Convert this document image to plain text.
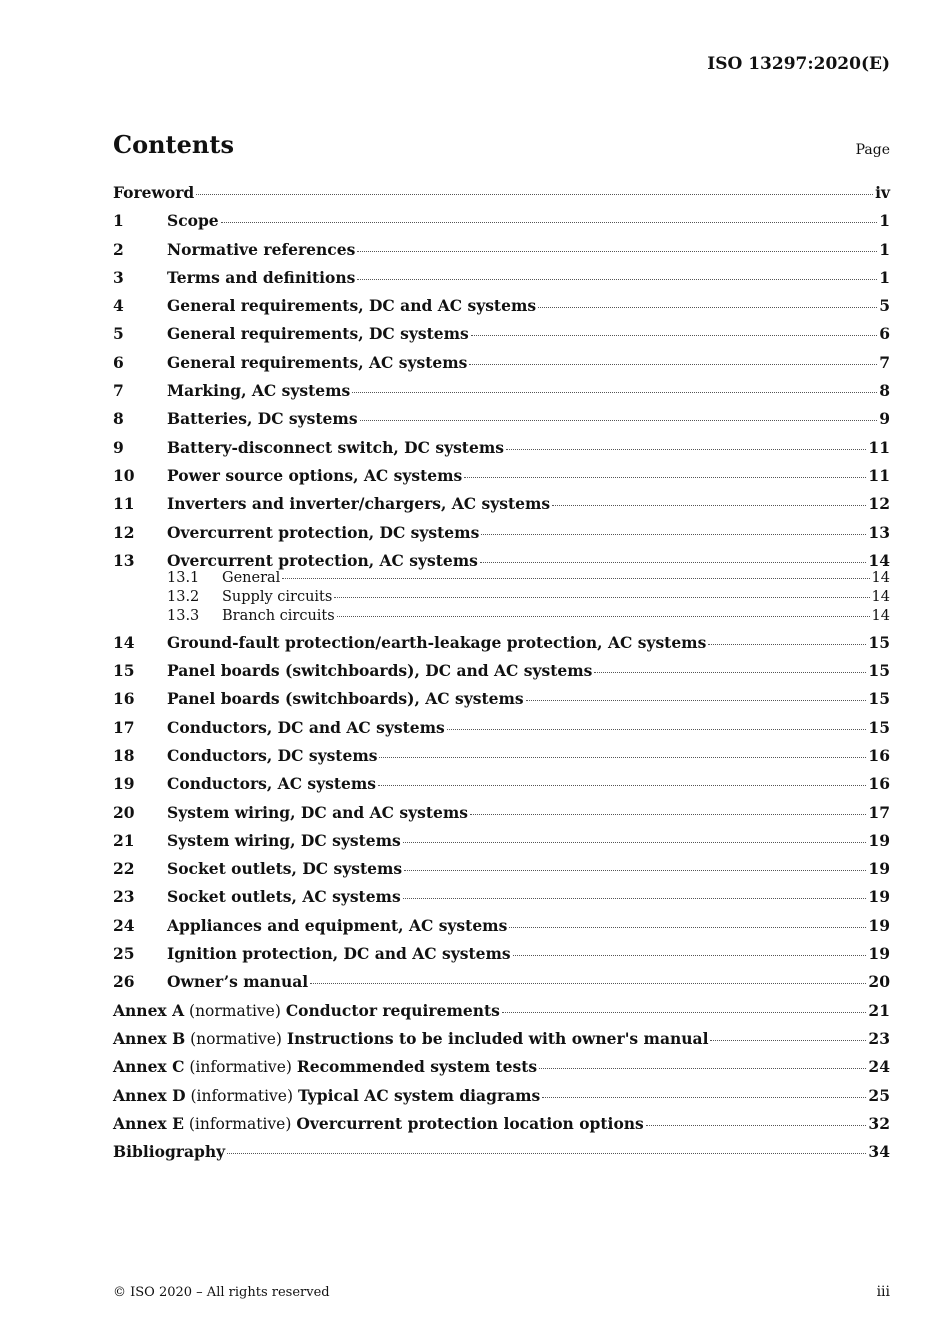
ISO 13297:2020(E)
Contents	Page
Foreword	iv
1	Scope	1
2	Normative references	1
3	Terms and definitions	1
4	General requirements, DC and AC systems	5
5	General requirements, DC systems	6
6	General requirements, AC systems	7
7	Marking, AC systems	8
8	Batteries, DC systems	9
9	Battery-disconnect switch, DC systems	11
10	Power source options, AC systems	11
11	Inverters and inverter/chargers, AC systems	12
12	Overcurrent protection, DC systems	13
13	Overcurrent protection, AC systems	14
13.1	General	14
13.2	Supply circuits	14
13.3	Branch circuits	14
14	Ground-fault protection/earth-leakage protection, AC systems	15
15	Panel boards (switchboards), DC and AC systems	15
16	Panel boards (switchboards), AC systems	15
17	Conductors, DC and AC systems	15
18	Conductors, DC systems	16
19	Conductors, AC systems	16
20	System wiring, DC and AC systems	17
21	System wiring, DC systems	19
22	Socket outlets, DC systems	19
23	Socket outlets, AC systems	19
24	Appliances and equipment, AC systems	19
25	Ignition protection, DC and AC systems	19
26	Owner’s manual	20
Annex A (normative) Conductor requirements	21
Annex B (normative) Instructions to be included with owner's manual	23
Annex C (informative) Recommended system tests	24
Annex D (informative) Typical AC system diagrams	25
Annex E (informative) Overcurrent protection location options	32
Bibliography	34
© ISO 2020 – All rights reserved	iii
